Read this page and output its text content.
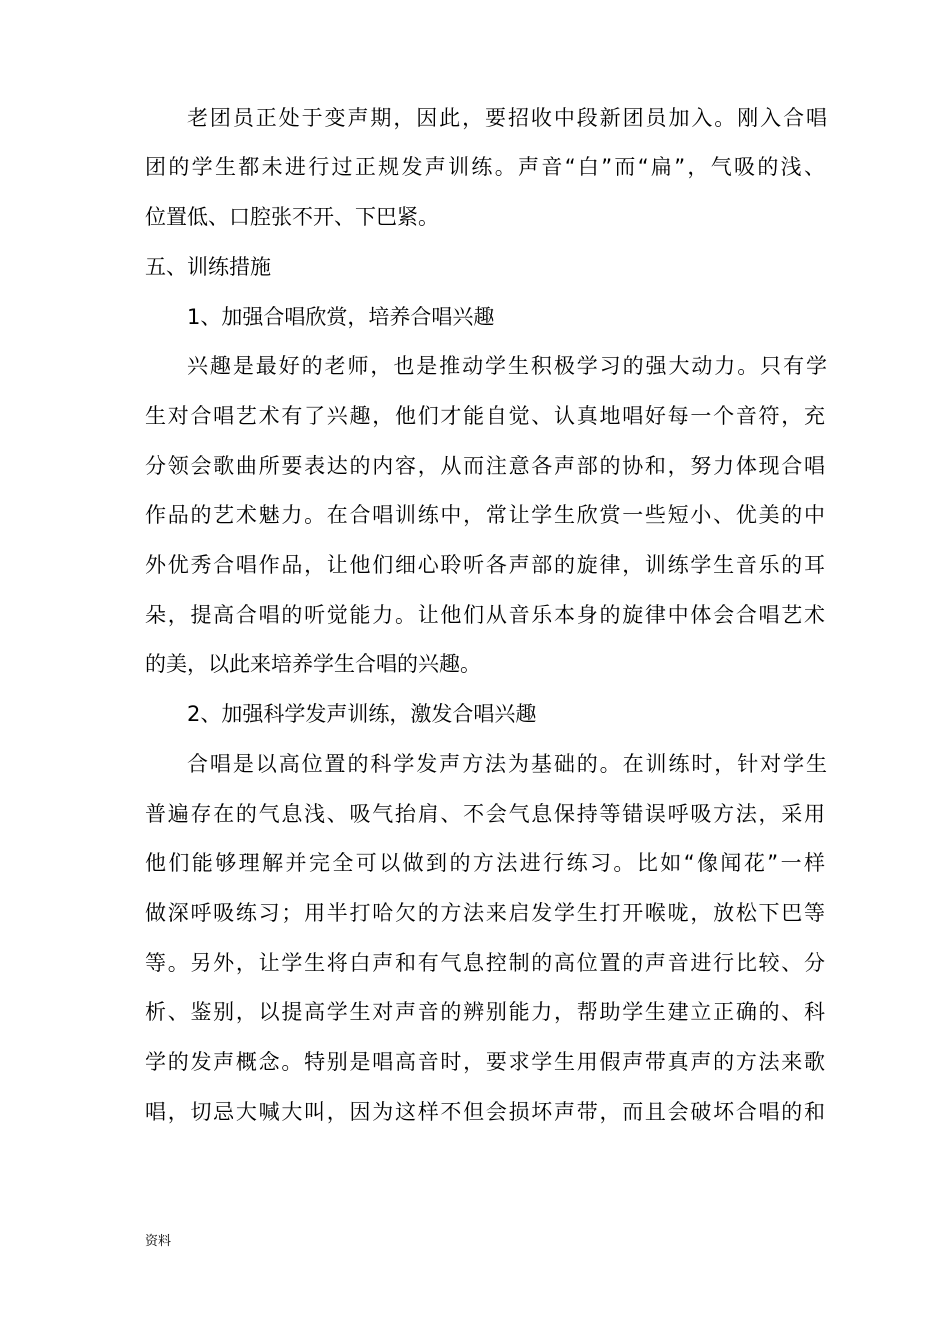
老团员正处于变声期，因此，要招收中段新团员加入。刚入合唱
团的学生都未进行过正规发声训练。声音“白”而“扁”，气吸的浅、
位置低、口腔张不开、下巴紧。
五、训练措施
1、加强合唱欣赏，培养合唱兴趣
兴趣是最好的老师，也是推动学生积极学习的强大动力。只有学
生对合唱艺术有了兴趣，他们才能自觉、认真地唱好每一个音符，充
分领会歌曲所要表达的内容，从而注意各声部的协和，努力体现合唱
作品的艺术魅力。在合唱训练中，常让学生欣赏一些短小、优美的中
外优秀合唱作品，让他们细心聆听各声部的旋律，训练学生音乐的耳
朵，提高合唱的听觉能力。让他们从音乐本身的旋律中体会合唱艺术
的美，以此来培养学生合唱的兴趣。
2、加强科学发声训练，激发合唱兴趣
合唱是以高位置的科学发声方法为基础的。在训练时，针对学生
普遍存在的气息浅、吸气抬肩、不会气息保持等错误呼吸方法，采用
他们能够理解并完全可以做到的方法进行练习。比如“像闻花”一样
做深呼吸练习；用半打哈欠的方法来启发学生打开喉咙，放松下巴等
等。另外，让学生将白声和有气息控制的高位置的声音进行比较、分
析、鉴别，以提高学生对声音的辨别能力，帮助学生建立正确的、科
学的发声概念。特别是唱高音时，要求学生用假声带真声的方法来歌
唱，切忌大喊大叫，因为这样不但会损坏声带，而且会破坏合唱的和
资料
